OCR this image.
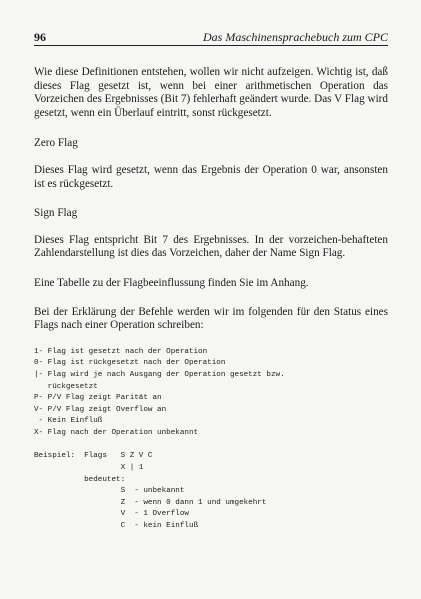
96	Das Maschinensprachebuch zum CPC

Wie diese Definitionen entstehen, wollen wir nicht aufzeigen. Wichtig ist, daß dieses Flag gesetzt ist, wenn bei einer arithmetischen Operation das Vorzeichen des Ergebnisses (Bit 7) fehlerhaft geändert wurde. Das V Flag wird gesetzt, wenn ein Überlauf eintritt, sonst rückgesetzt.

Zero Flag

Dieses Flag wird gesetzt, wenn das Ergebnis der Operation 0 war, ansonsten ist es rückgesetzt.

Sign Flag

Dieses Flag entspricht Bit 7 des Ergebnisses. In der vorzeichen-behafteten Zahlendarstellung ist dies das Vorzeichen, daher der Name Sign Flag.

Eine Tabelle zu der Flagbeeinflussung finden Sie im Anhang.

Bei der Erklärung der Befehle werden wir im folgenden für den Status eines Flags nach einer Operation schreiben:

1- Flag ist gesetzt nach der Operation
0- Flag ist rückgesetzt nach der Operation
|- Flag wird je nach Ausgang der Operation gesetzt bzw.
rückgesetzt
P- P/V Flag zeigt Parität an
V- P/V Flag zeigt Overflow an
- Kein Einfluß
X- Flag nach der Operation unbekannt
Beispiel:  Flags   S Z V C
X | 1
bedeutet:
S  - unbekannt
Z  - wenn 0 dann 1 und umgekehrt
V  - 1 Overflow
C  - kein Einfluß
